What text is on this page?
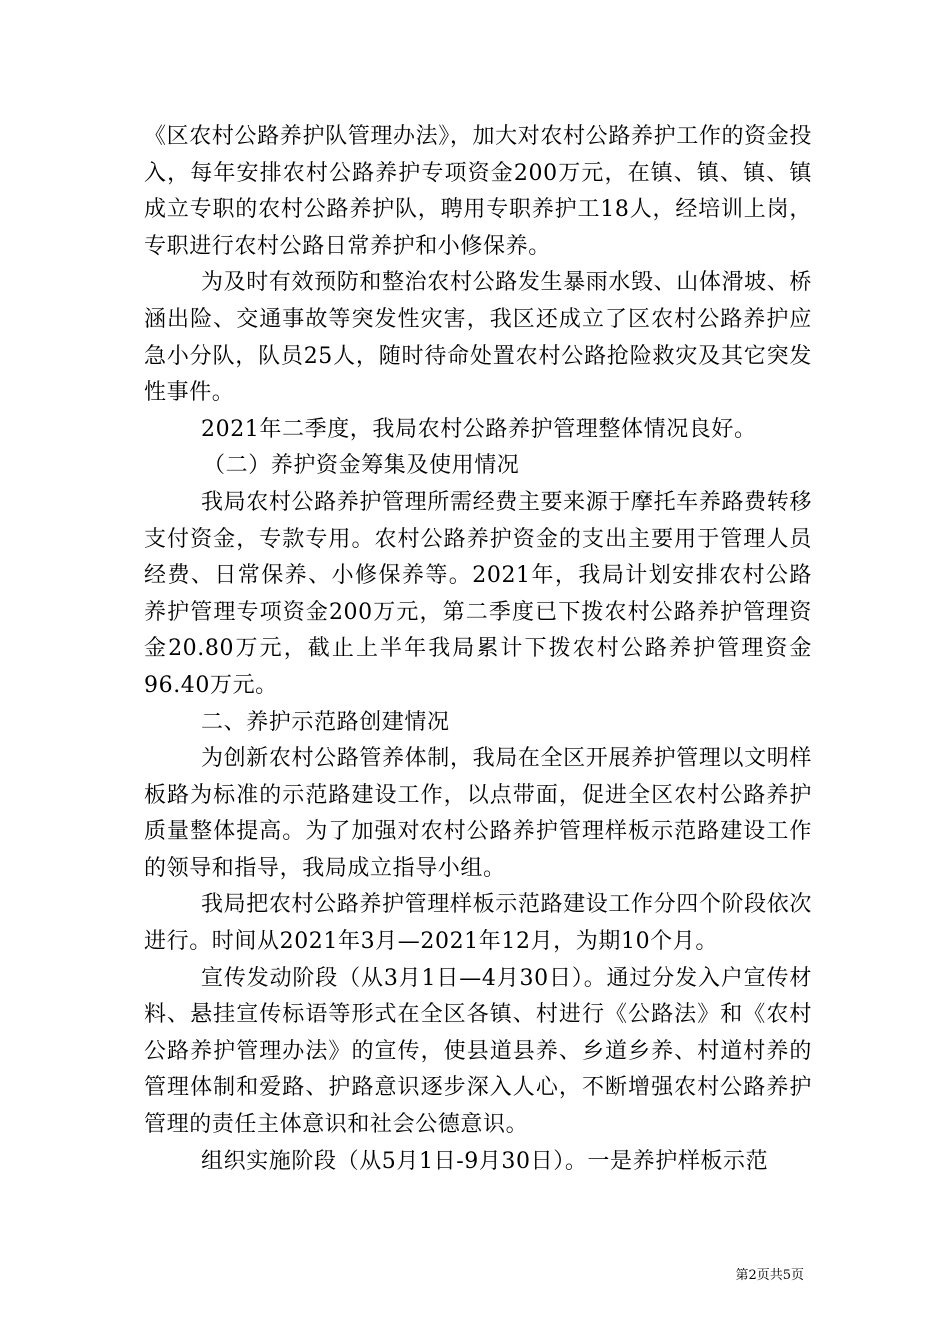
《区农村公路养护队管理办法》，加大对农村公路养护工作的资金投入，每年安排农村公路养护专项资金200万元，在镇、镇、镇、镇成立专职的农村公路养护队，聘用专职养护工18人，经培训上岗，专职进行农村公路日常养护和小修保养。

为及时有效预防和整治农村公路发生暴雨水毁、山体滑坡、桥涵出险、交通事故等突发性灾害，我区还成立了区农村公路养护应急小分队，队员25人，随时待命处置农村公路抢险救灾及其它突发性事件。

2021年二季度，我局农村公路养护管理整体情况良好。

（二）养护资金筹集及使用情况

我局农村公路养护管理所需经费主要来源于摩托车养路费转移支付资金，专款专用。农村公路养护资金的支出主要用于管理人员经费、日常保养、小修保养等。2021年，我局计划安排农村公路养护管理专项资金200万元，第二季度已下拨农村公路养护管理资金20.80万元，截止上半年我局累计下拨农村公路养护管理资金96.40万元。

二、养护示范路创建情况

为创新农村公路管养体制，我局在全区开展养护管理以文明样板路为标准的示范路建设工作，以点带面，促进全区农村公路养护质量整体提高。为了加强对农村公路养护管理样板示范路建设工作的领导和指导，我局成立指导小组。

我局把农村公路养护管理样板示范路建设工作分四个阶段依次进行。时间从2021年3月—2021年12月，为期10个月。

宣传发动阶段（从3月1日—4月30日）。通过分发入户宣传材料、悬挂宣传标语等形式在全区各镇、村进行《公路法》和《农村公路养护管理办法》的宣传，使县道县养、乡道乡养、村道村养的管理体制和爱路、护路意识逐步深入人心，不断增强农村公路养护管理的责任主体意识和社会公德意识。

组织实施阶段（从5月1日-9月30日）。一是养护样板示范

第2页共5页
